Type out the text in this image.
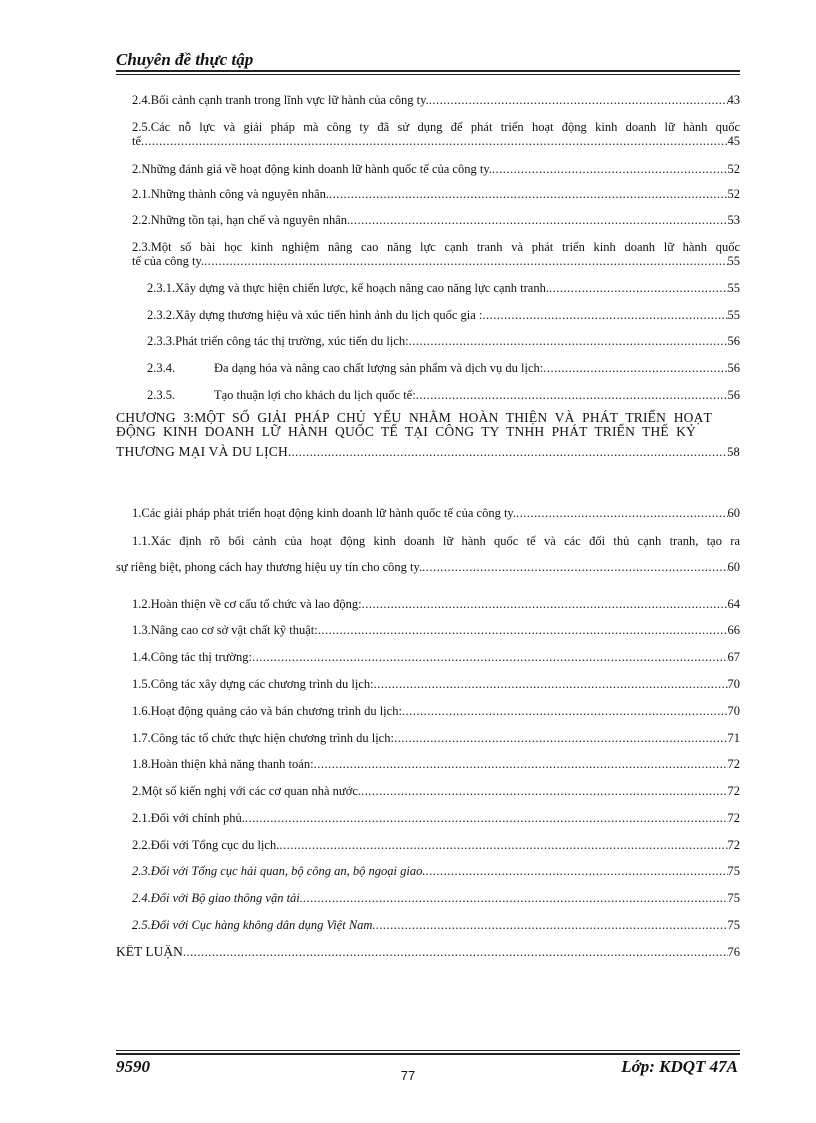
Chuyên đề thực tập
2.4.Bối cảnh cạnh tranh trong lĩnh vực lữ hành của công ty. .....	43
2.5.Các nỗ lực và giải pháp mà công ty đã sử dụng để phát triển hoạt động kinh doanh lữ hành quốc
tế .....	45
2.Những đánh giá về hoạt động kinh doanh lữ hành quốc tế của công ty. .....	52
2.1.Những thành công và nguyên nhân. .....	52
2.2.Những tồn tại, hạn chế và nguyên nhân. .....	53
2.3.Một số bài học kinh nghiệm nâng cao năng lực cạnh tranh và phát triển kinh doanh lữ hành quốc
tế của công ty. .....	55
2.3.1.Xây dựng và thực hiện chiến lược, kế hoạch nâng cao năng lực cạnh tranh. .....	55
2.3.2.Xây dựng thương hiệu và xúc tiến hình ảnh du lịch quốc gia : .....	55
2.3.3.Phát triển công tác thị trường, xúc tiến du lịch: .....	56
2.3.4.	Đa dạng hóa và nâng cao chất lượng sản phẩm và dịch vụ du lịch: .....	56
2.3.5.	Tạo thuận lợi cho khách du lịch quốc tế: .....	56
CHƯƠNG 3:MỘT SỐ GIẢI PHÁP CHỦ YẾU NHẰM HOÀN THIỆN VÀ PHÁT TRIỂN HOẠT
ĐỘNG KINH DOANH LỮ HÀNH QUỐC TẾ TẠI CÔNG TY TNHH PHÁT TRIỂN THẾ KỶ
THƯƠNG MẠI VÀ DU LỊCH. .....	58
1.Các giải pháp phát triển hoạt động kinh doanh lữ hành quốc tế của công ty. .....	60
1.1.Xác định rõ bối cảnh của hoạt động kinh doanh lữ hành quốc tế và các đối thủ cạnh tranh, tạo ra
sự riêng biệt, phong cách hay thương hiệu uy tín cho công ty. .....	60
1.2.Hoàn thiện về cơ cấu tổ chức và lao động: .....	64
1.3.Nâng cao cơ sở vật chất kỹ thuật: .....	66
1.4.Công tác thị trường: .....	67
1.5.Công tác xây dựng các chương trình du lịch: .....	70
1.6.Hoạt động quảng cáo và bán chương trình du lịch: .....	70
1.7.Công tác tổ chức thực hiện chương trình du lịch: .....	71
1.8.Hoàn thiện khả năng thanh toán: .....	72
2.Một số kiến nghị với các cơ quan nhà nước. .....	72
2.1.Đối với chính phủ. .....	72
2.2.Đối với Tổng cục du lịch. .....	72
2.3.Đối với Tổng cục hải quan, bộ công an, bộ ngoại giao. .....	75
2.4.Đối với Bộ giao thông vận tải. .....	75
2.5.Đối với Cục hàng không dân dụng Việt Nam. .....	75
KẾT LUẬN .....	76
9590	Lớp: KDQT 47A
77
